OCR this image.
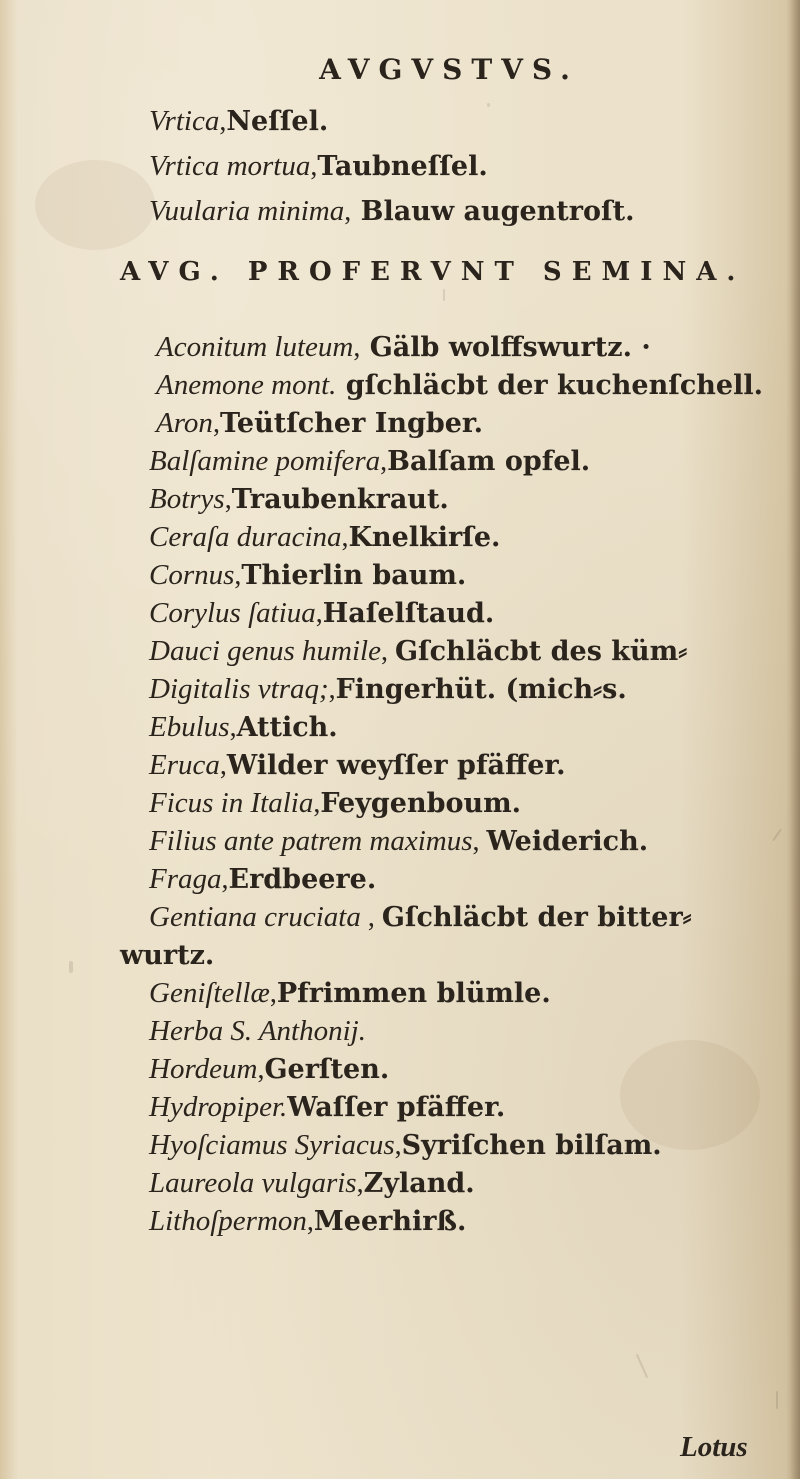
AVGVSTVS.
Vrtica,Neſſel.
Vrtica mortua,Taubneſſel.
Vuularia minima, Blauw augentroſt.
AVG. PROFERVNT SEMINA.
Aconitum luteum, Gälb wolffswurtz. ·
Anemone mont. gſchläcbt der kuchenſchell.
Aron,Teütſcher Ingber.
Balſamine pomifera,Balſam opfel.
Botrys,Traubenkraut.
Ceraſa duracina,Knelkirſe.
Cornus,Thierlin baum.
Corylus ſatiua,Haſelſtaud.
Dauci genus humile, Gſchläcbt des küm⸗
Digitalis vtraq;,Fingerhüt. (mich⸗s.
Ebulus,Attich.
Eruca,Wilder weyſſer pfäffer.
Ficus in Italia,Feygenboum.
Filius ante patrem maximus, Weiderich.
Fraga,Erdbeere.
Gentiana cruciata , Gſchläcbt der bitter⸗
wurtz.
Geniſtellæ,Pfrimmen blümle.
Herba S. Anthonij.
Hordeum,Gerſten.
Hydropiper.Waſſer pfäffer.
Hyoſciamus Syriacus,Syriſchen bilſam.
Laureola vulgaris,Zyland.
Lithoſpermon,Meerhirß.
Lotus
